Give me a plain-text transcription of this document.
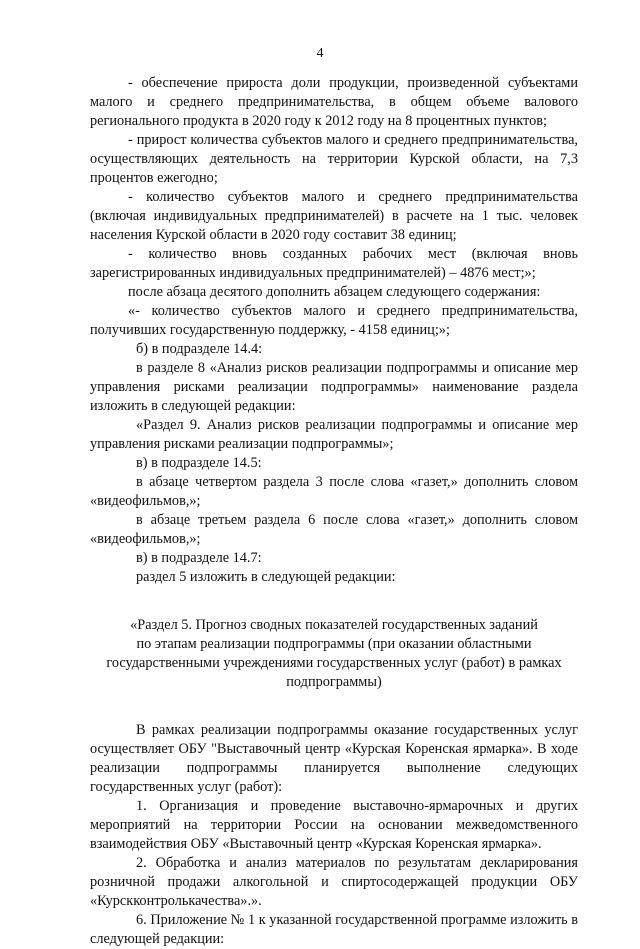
4

- обеспечение прироста доли продукции, произведенной субъектами малого и среднего предпринимательства, в общем объеме валового регионального продукта в 2020 году к 2012 году на 8 процентных пунктов;

- прирост количества субъектов малого и среднего предпринимательства, осуществляющих деятельность на территории Курской области, на 7,3 процентов ежегодно;

- количество субъектов малого и среднего предпринимательства (включая индивидуальных предпринимателей) в расчете на 1 тыс. человек населения Курской области в 2020 году составит 38 единиц;

- количество вновь созданных рабочих мест (включая вновь зарегистрированных индивидуальных предпринимателей) – 4876 мест;»;

после абзаца десятого дополнить абзацем следующего содержания:

«- количество субъектов малого и среднего предпринимательства, получивших государственную поддержку, - 4158 единиц;»;

б) в подразделе 14.4:

в разделе 8 «Анализ рисков реализации подпрограммы и описание мер управления рисками реализации подпрограммы» наименование раздела изложить в следующей редакции:

«Раздел 9. Анализ рисков реализации подпрограммы и описание мер управления рисками реализации подпрограммы»;

в) в подразделе 14.5:

в абзаце четвертом раздела 3 после слова «газет,» дополнить словом «видеофильмов,»;

в абзаце третьем раздела 6 после слова «газет,» дополнить словом «видеофильмов,»;

в) в подразделе 14.7:

раздел 5 изложить в следующей редакции:

«Раздел 5. Прогноз сводных показателей государственных заданий

по этапам реализации подпрограммы (при оказании областными

государственными учреждениями государственных услуг (работ) в рамках

подпрограммы)

В рамках реализации подпрограммы оказание государственных услуг осуществляет ОБУ "Выставочный центр «Курская Коренская ярмарка». В ходе реализации подпрограммы планируется выполнение следующих государственных услуг (работ):

1. Организация и проведение выставочно-ярмарочных и других мероприятий на территории России на основании межведомственного взаимодействия ОБУ «Выставочный центр «Курская Коренская ярмарка».

2. Обработка и анализ материалов по результатам декларирования розничной продажи алкогольной и спиртосодержащей продукции ОБУ «Курскконтролькачества».».

6. Приложение № 1 к указанной государственной программе изложить в следующей редакции:
